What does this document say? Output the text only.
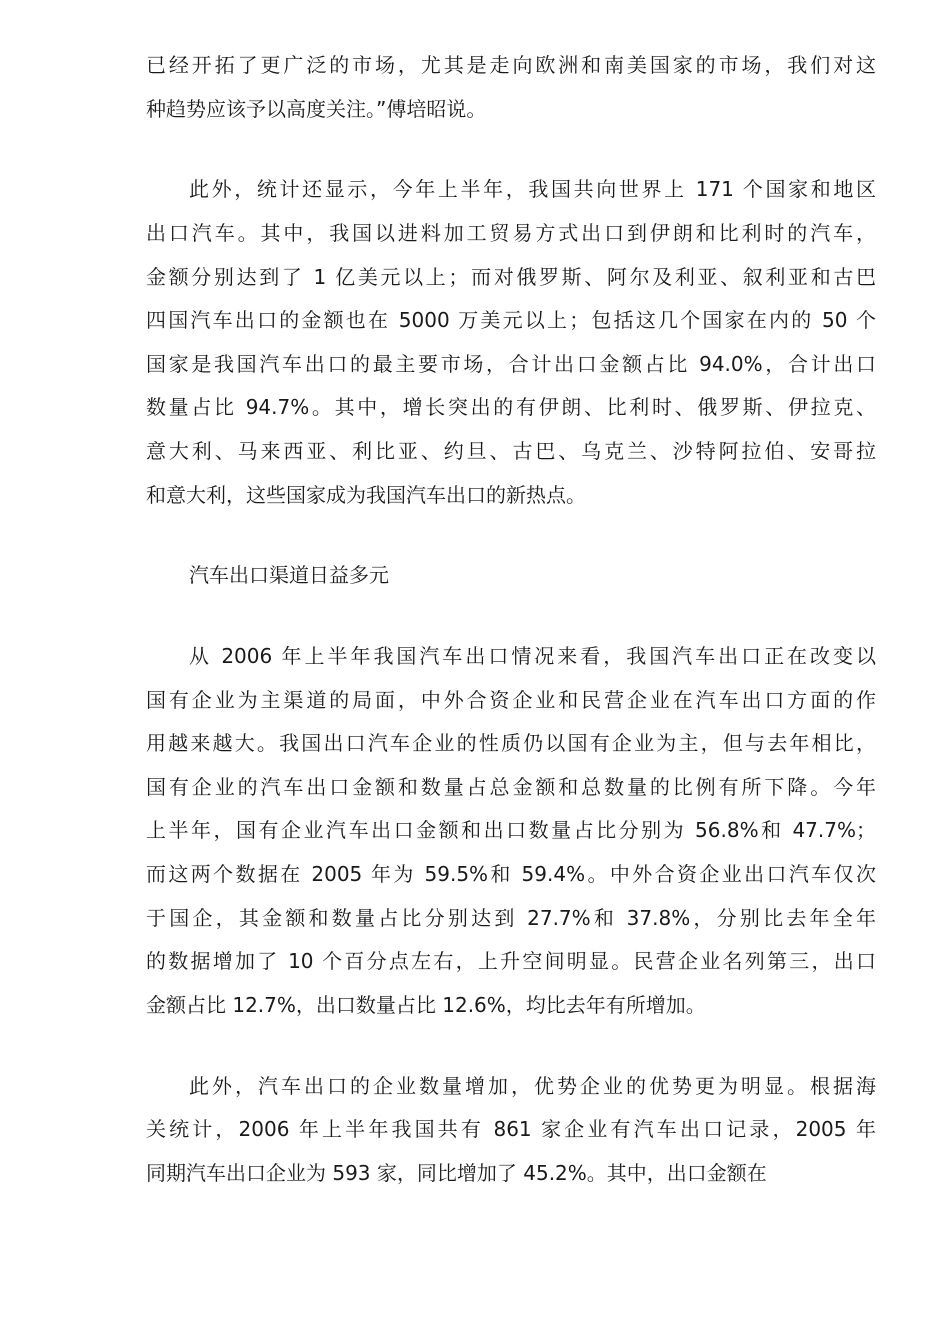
已经开拓了更广泛的市场，尤其是走向欧洲和南美国家的市场，我们对这
种趋势应该予以高度关注。”傅培昭说。
此外，统计还显示，今年上半年，我国共向世界上 171 个国家和地区
出口汽车。其中，我国以进料加工贸易方式出口到伊朗和比利时的汽车，
金额分别达到了 1 亿美元以上；而对俄罗斯、阿尔及利亚、叙利亚和古巴
四国汽车出口的金额也在 5000 万美元以上；包括这几个国家在内的 50 个
国家是我国汽车出口的最主要市场，合计出口金额占比 94.0%，合计出口
数量占比 94.7%。其中，增长突出的有伊朗、比利时、俄罗斯、伊拉克、
意大利、马来西亚、利比亚、约旦、古巴、乌克兰、沙特阿拉伯、安哥拉
和意大利，这些国家成为我国汽车出口的新热点。
汽车出口渠道日益多元
从 2006 年上半年我国汽车出口情况来看，我国汽车出口正在改变以
国有企业为主渠道的局面，中外合资企业和民营企业在汽车出口方面的作
用越来越大。我国出口汽车企业的性质仍以国有企业为主，但与去年相比，
国有企业的汽车出口金额和数量占总金额和总数量的比例有所下降。今年
上半年，国有企业汽车出口金额和出口数量占比分别为 56.8%和 47.7%；
而这两个数据在 2005 年为 59.5%和 59.4%。中外合资企业出口汽车仅次
于国企，其金额和数量占比分别达到 27.7%和 37.8%，分别比去年全年
的数据增加了 10 个百分点左右，上升空间明显。民营企业名列第三，出口
金额占比 12.7%，出口数量占比 12.6%，均比去年有所增加。
此外，汽车出口的企业数量增加，优势企业的优势更为明显。根据海
关统计，2006 年上半年我国共有 861 家企业有汽车出口记录，2005 年
同期汽车出口企业为 593 家，同比增加了 45.2%。其中，出口金额在
